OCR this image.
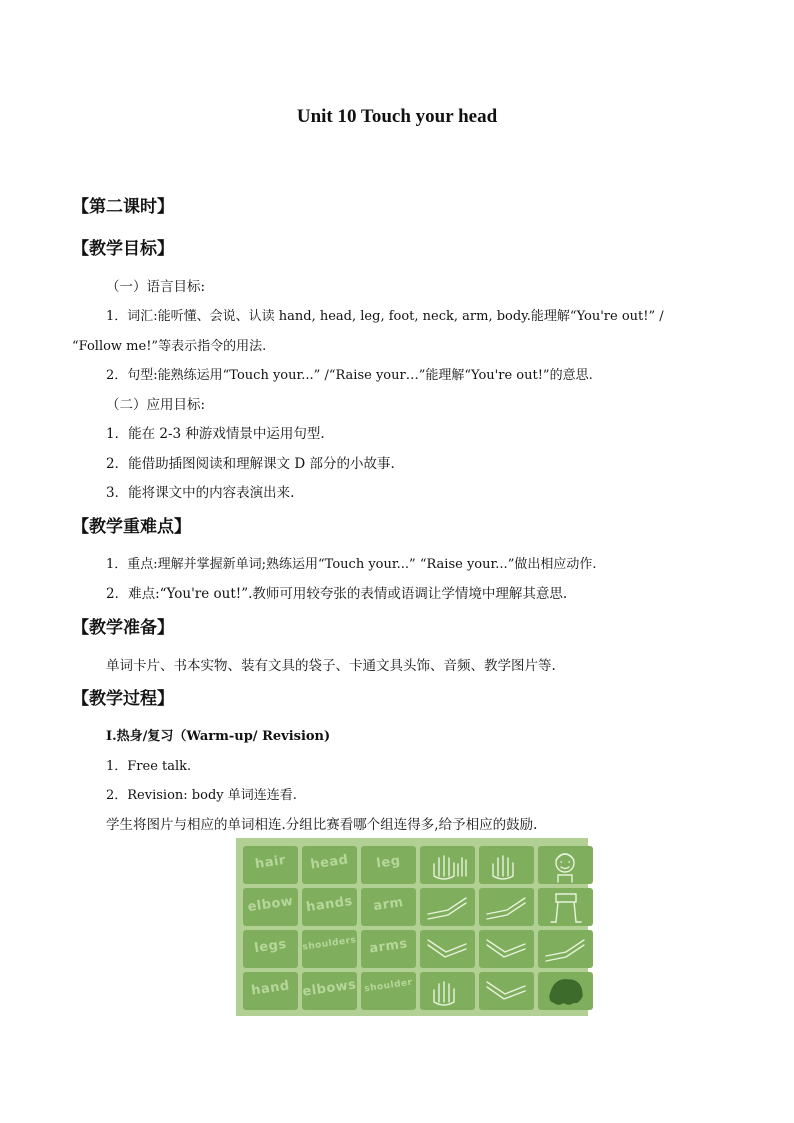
Unit 10 Touch your head
【第二课时】
【教学目标】
（一）语言目标:
1．词汇:能听懂、会说、认读 hand, head, leg, foot, neck, arm, body.能理解“You're out!” /
“Follow me!”等表示指令的用法.
2．句型:能熟练运用“Touch your...” /“Raise your…”能理解“You're out!”的意思.
（二）应用目标:
1．能在 2-3 种游戏情景中运用句型.
2．能借助插图阅读和理解课文 D 部分的小故事.
3．能将课文中的内容表演出来.
【教学重难点】
1．重点:理解并掌握新单词;熟练运用“Touch your...” “Raise your...”做出相应动作.
2．难点:“You're out!”.教师可用较夸张的表情或语调让学情境中理解其意思.
【教学准备】
单词卡片、书本实物、装有文具的袋子、卡通文具头饰、音频、教学图片等.
【教学过程】
I.热身/复习（Warm-up/ Revision)
1．Free talk.
2．Revision: body 单词连连看.
学生将图片与相应的单词相连.分组比赛看哪个组连得多,给予相应的鼓励.
hair	head	leg
elbow hands	arm
legs	shoulders arms
hand elbows shoulder
